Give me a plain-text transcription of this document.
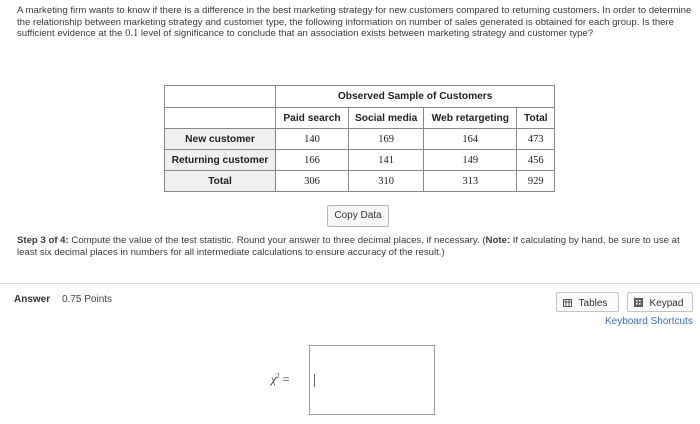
A marketing firm wants to know if there is a difference in the best marketing strategy for new customers compared to returning customers. In order to determine the relationship between marketing strategy and customer type, the following information on number of sales generated is obtained for each group. Is there sufficient evidence at the 0.1 level of significance to conclude that an association exists between marketing strategy and customer type?
	Observed Sample of Customers			
	Paid search	Social media	Web retargeting	Total
New customer	140	169	164	473
Returning customer	166	141	149	456
Total	306	310	313	929
Copy Data
Step 3 of 4: Compute the value of the test statistic. Round your answer to three decimal places, if necessary. (Note: If calculating by hand, be sure to use at least six decimal places in numbers for all intermediate calculations to ensure accuracy of the result.)
Answer 0.75 Points	Tables	Keypad
Keyboard Shortcuts
$\chi^2$ =
